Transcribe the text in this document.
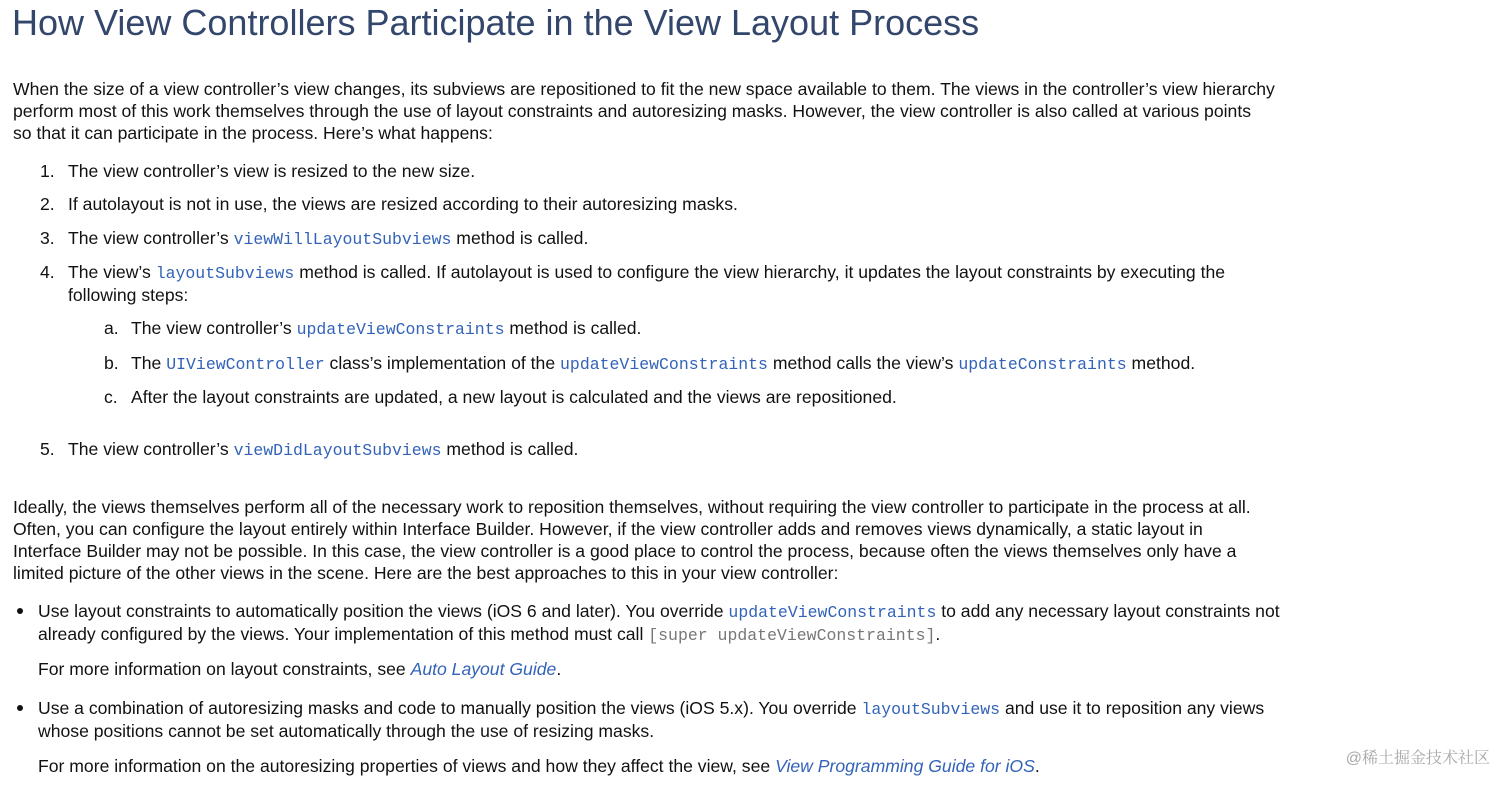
How View Controllers Participate in the View Layout Process
When the size of a view controller’s view changes, its subviews are repositioned to fit the new space available to them. The views in the controller’s view hierarchy
perform most of this work themselves through the use of layout constraints and autoresizing masks. However, the view controller is also called at various points
so that it can participate in the process. Here’s what happens:
1. The view controller’s view is resized to the new size.
2. If autolayout is not in use, the views are resized according to their autoresizing masks.
3. The view controller’s viewWillLayoutSubviews method is called.
4. The view’s layoutSubviews method is called. If autolayout is used to configure the view hierarchy, it updates the layout constraints by executing the
following steps:
a. The view controller’s updateViewConstraints method is called.
b. The UIViewController class’s implementation of the updateViewConstraints method calls the view’s updateConstraints method.
c. After the layout constraints are updated, a new layout is calculated and the views are repositioned.
5. The view controller’s viewDidLayoutSubviews method is called.
Ideally, the views themselves perform all of the necessary work to reposition themselves, without requiring the view controller to participate in the process at all.
Often, you can configure the layout entirely within Interface Builder. However, if the view controller adds and removes views dynamically, a static layout in
Interface Builder may not be possible. In this case, the view controller is a good place to control the process, because often the views themselves only have a
limited picture of the other views in the scene. Here are the best approaches to this in your view controller:
Use layout constraints to automatically position the views (iOS 6 and later). You override updateViewConstraints to add any necessary layout constraints not
already configured by the views. Your implementation of this method must call [super updateViewConstraints].
For more information on layout constraints, see Auto Layout Guide.
Use a combination of autoresizing masks and code to manually position the views (iOS 5.x). You override layoutSubviews and use it to reposition any views
whose positions cannot be set automatically through the use of resizing masks.
For more information on the autoresizing properties of views and how they affect the view, see View Programming Guide for iOS.	@稀土掘金技术社区
